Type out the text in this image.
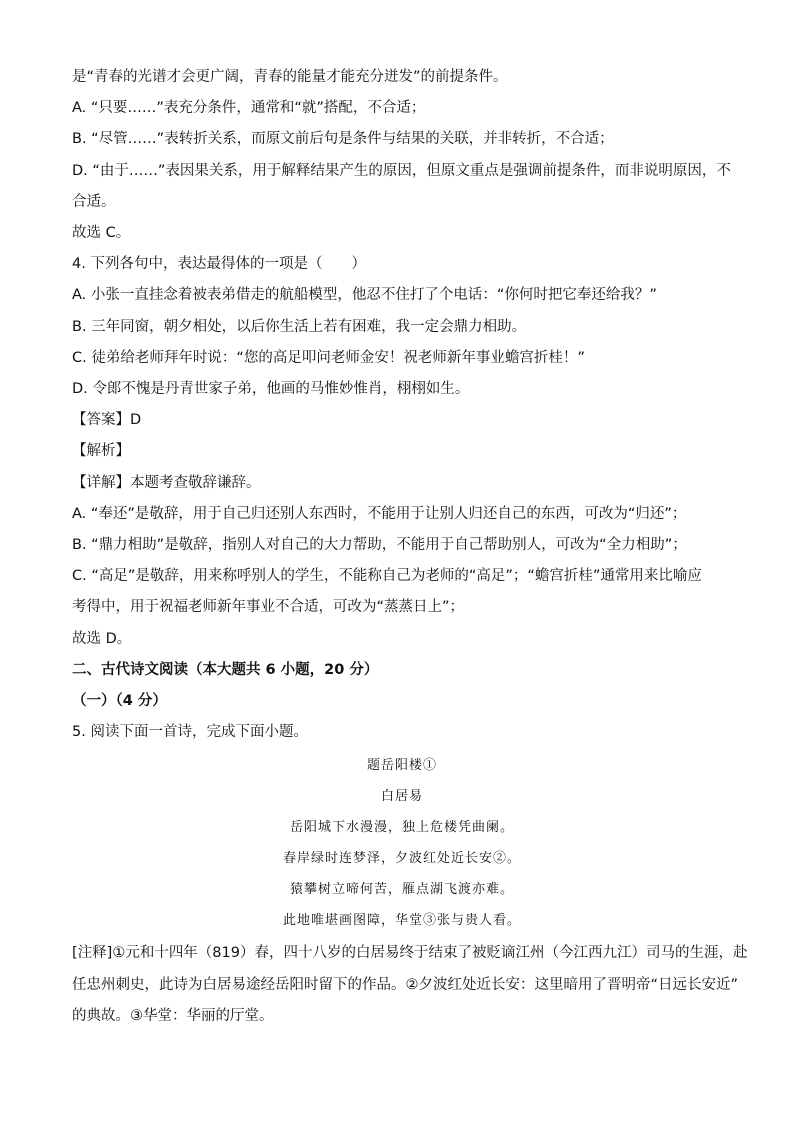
是“青春的光谱才会更广阔，青春的能量才能充分迸发”的前提条件。
A. “只要……”表充分条件，通常和“就”搭配，不合适；
B. “尽管……”表转折关系，而原文前后句是条件与结果的关联，并非转折，不合适；
D. “由于……”表因果关系，用于解释结果产生的原因，但原文重点是强调前提条件，而非说明原因，不
合适。
故选 C。
4. 下列各句中，表达最得体的一项是（　　）
A. 小张一直挂念着被表弟借走的航船模型，他忍不住打了个电话：“你何时把它奉还给我？”
B. 三年同窗，朝夕相处，以后你生活上若有困难，我一定会鼎力相助。
C. 徒弟给老师拜年时说：“您的高足叩问老师金安！祝老师新年事业蟾宫折桂！”
D. 令郎不愧是丹青世家子弟，他画的马惟妙惟肖，栩栩如生。
【答案】D
【解析】
【详解】本题考查敬辞谦辞。
A. “奉还”是敬辞，用于自己归还别人东西时，不能用于让别人归还自己的东西，可改为“归还”；
B. “鼎力相助”是敬辞，指别人对自己的大力帮助，不能用于自己帮助别人，可改为“全力相助”；
C. “高足”是敬辞，用来称呼别人的学生，不能称自己为老师的“高足”；“蟾宫折桂”通常用来比喻应
考得中，用于祝福老师新年事业不合适，可改为“蒸蒸日上”；
故选 D。
二、古代诗文阅读（本大题共 6 小题，20 分）
（一）（4 分）
5. 阅读下面一首诗，完成下面小题。
题岳阳楼①
白居易
岳阳城下水漫漫，独上危楼凭曲阑。
春岸绿时连梦泽，夕波红处近长安②。
猿攀树立啼何苦，雁点湖飞渡亦难。
此地唯堪画图障，华堂③张与贵人看。
[注释]①元和十四年（819）春，四十八岁的白居易终于结束了被贬谪江州（今江西九江）司马的生涯，赴
任忠州刺史，此诗为白居易途经岳阳时留下的作品。②夕波红处近长安：这里暗用了晋明帝“日远长安近”
的典故。③华堂：华丽的厅堂。
